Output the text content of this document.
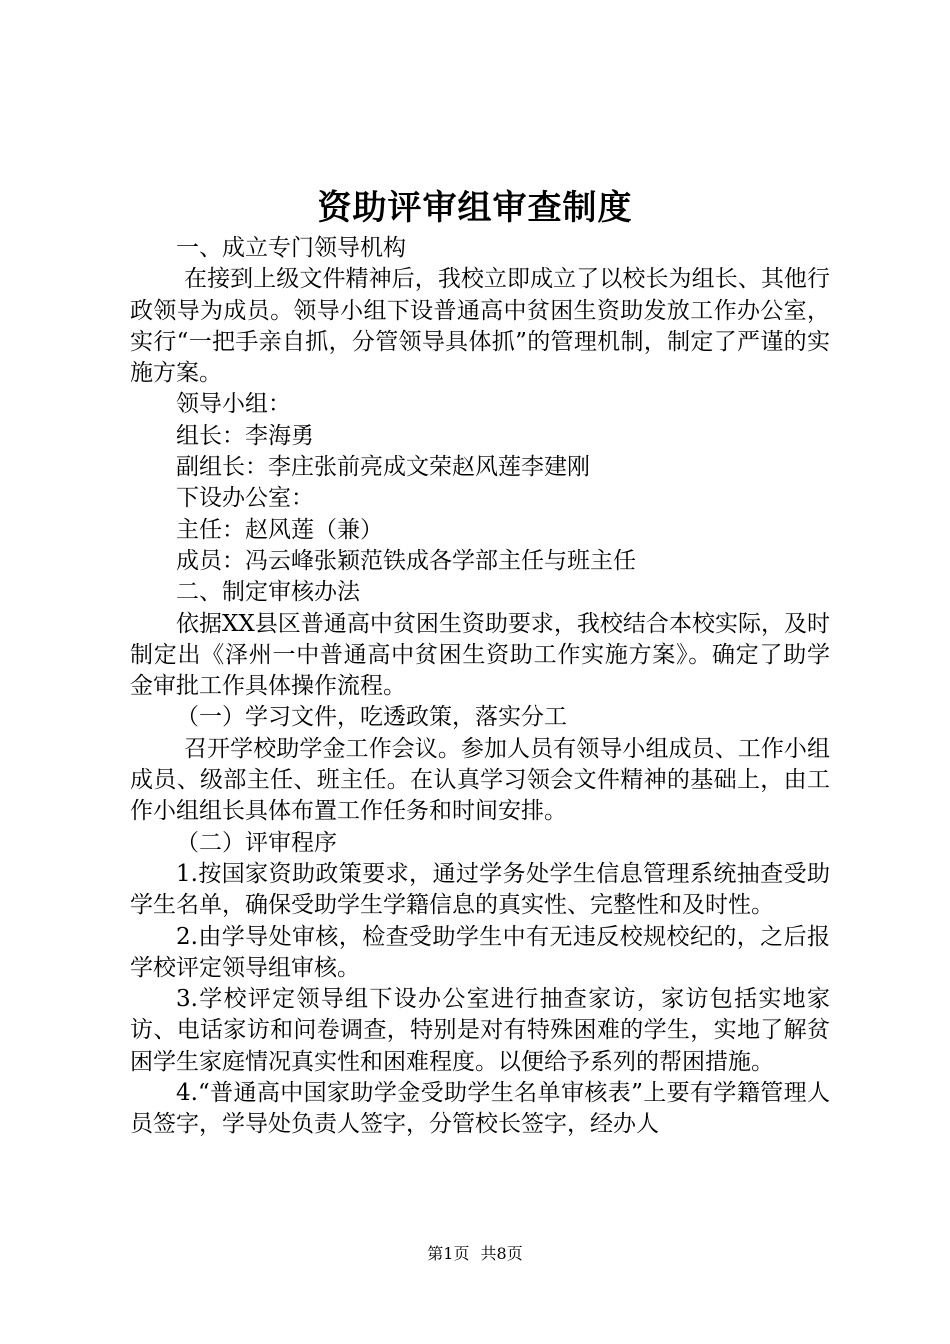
资助评审组审查制度

一、成立专门领导机构

在接到上级文件精神后，我校立即成立了以校长为组长、其他行政领导为成员。领导小组下设普通高中贫困生资助发放工作办公室，实行“一把手亲自抓，分管领导具体抓”的管理机制，制定了严谨的实施方案。

领导小组：

组长：李海勇

副组长：李庄张前亮成文荣赵风莲李建刚

下设办公室：

主任：赵风莲（兼）

成员：冯云峰张颖范铁成各学部主任与班主任

二、制定审核办法

依据XX县区普通高中贫困生资助要求，我校结合本校实际，及时制定出《泽州一中普通高中贫困生资助工作实施方案》。确定了助学金审批工作具体操作流程。

（一）学习文件，吃透政策，落实分工

召开学校助学金工作会议。参加人员有领导小组成员、工作小组成员、级部主任、班主任。在认真学习领会文件精神的基础上，由工作小组组长具体布置工作任务和时间安排。

（二）评审程序

1.按国家资助政策要求，通过学务处学生信息管理系统抽查受助学生名单，确保受助学生学籍信息的真实性、完整性和及时性。

2.由学导处审核，检查受助学生中有无违反校规校纪的，之后报学校评定领导组审核。

3.学校评定领导组下设办公室进行抽查家访，家访包括实地家访、电话家访和问卷调查，特别是对有特殊困难的学生，实地了解贫困学生家庭情况真实性和困难程度。以便给予系列的帮困措施。

4.“普通高中国家助学金受助学生名单审核表”上要有学籍管理人员签字，学导处负责人签字，分管校长签字，经办人

第1页 共8页
